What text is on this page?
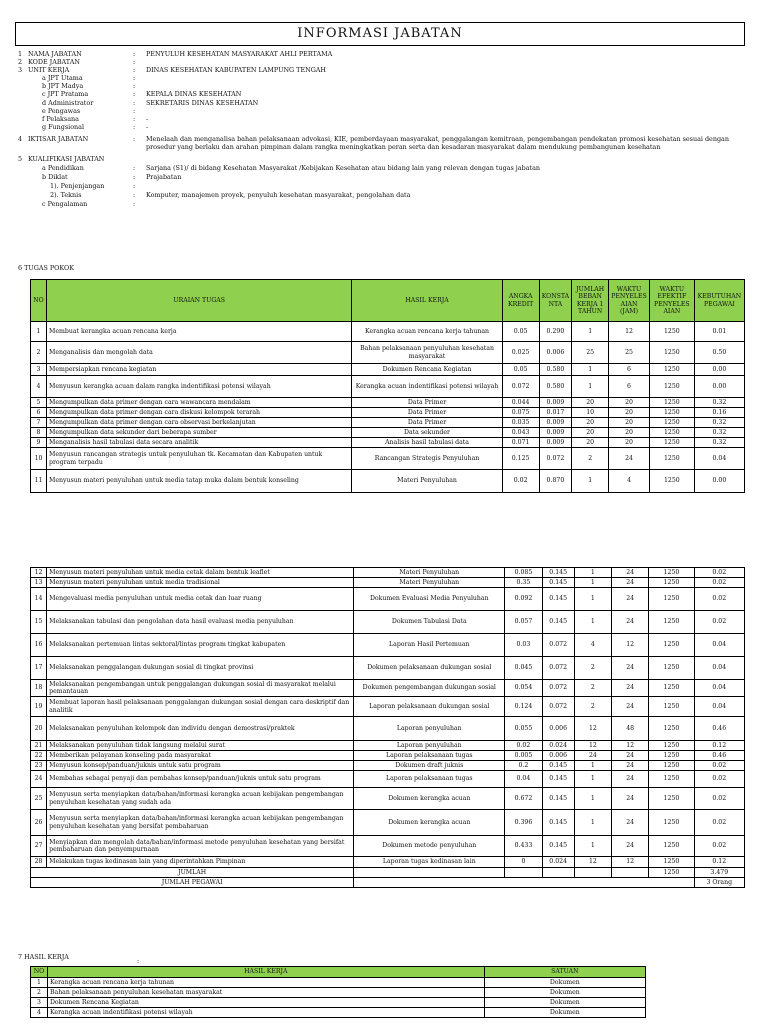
INFORMASI JABATAN
1 NAMA JABATAN	:	PENYULUH KESEHATAN MASYARAKAT AHLI PERTAMA
2 KODE JABATAN	:
3 UNIT KERJA	:	DINAS KESEHATAN KABUPATEN LAMPUNG TENGAH
a JPT Utama	:
b JPT Madya	:
c JPT Pratama	:	KEPALA DINAS KESEHATAN
d Administrator	:	SEKRETARIS DINAS KESEHATAN
e Pengawas	:
f Pelaksana	:	-
g Fungsional	:	-
4 IKTISAR JABATAN	:	Menelaah dan menganalisa bahan pelaksanaan advokasi, KIE, pemberdayaan masyarakat, penggalangan kemitraan, pengembangan pendekatan promosi kesehatan sesuai dengan prosedur yang berlaku dan arahan pimpinan dalam rangka meningkatkan peran serta dan kesadaran masyarakat dalam mendukung pembangunan kesehatan
5 KUALIFIKASI JABATAN
a Pendidikan	:	Sarjana (S1)/ di bidang Kesehatan Masyarakat /Kebijakan Kesehatan atau bidang lain yang relevan dengan tugas jabatan
b Diklat	:	Prajabatan
1). Penjenjangan	:
2). Teknis	:	Komputer, manajemen proyek, penyuluh kesehatan masyarakat, pengolahan data
c Pengalaman	:
6 TUGAS POKOK
NO	URAIAN TUGAS	HASIL KERJA	ANGKA KREDIT	KONSTA NTA	JUMLAH BEBAN KERJA 1 TAHUN	WAKTU PENYELES AIAN (JAM)	WAKTU EFEKTIF PENYELES AIAN	KEBUTUHAN PEGAWAI
1	Membuat kerangka acuan rencana kerja	Kerangka acuan rencana kerja tahunan	0.05	0.290	1	12	1250	0.01
2	Menganalisis dan mengolah data	Bahan pelaksanaan penyuluhan kesehatan masyarakat	0.025	0.006	25	25	1250	0.50
3	Mempersiapkan rencana kegiatan	Dokumen Rencana Kegiatan	0.05	0.580	1	6	1250	0.00
4	Menyusun kerangka acuan dalam rangka indentifikasi potensi wilayah	Kerangka acuan indentifikasi potensi wilayah	0.072	0.580	1	6	1250	0.00
5	Mengumpulkan data primer dengan cara wawancara mendalam	Data Primer	0.044	0.009	20	20	1250	0.32
6	Mengumpulkan data primer dengan cara diskusi kelompok terarah	Data Primer	0.075	0.017	10	20	1250	0.16
7	Mengumpulkan data primer dengan cara observasi berkelanjutan	Data Primer	0.035	0.009	20	20	1250	0.32
8	Mengumpulkan data sekunder dari beberapa sumber	Data sekunder	0.043	0.009	20	20	1250	0.32
9	Menganalisis hasil tabulasi data secara analitik	Analisis hasil tabulasi data	0.071	0.009	20	20	1250	0.32
10	Menyusun rancangan strategis untuk penyuluhan tk. Kecamatan dan Kabupaten untuk program terpadu	Rancangan Strategis Penyuluhan	0.125	0.072	2	24	1250	0.04
11	Menyusun materi penyuluhan untuk media tatap muka dalam bentuk konseling	Materi Penyuluhan	0.02	0.870	1	4	1250	0.00
12	Menyusun materi penyuluhan untuk media cetak dalam bentuk leaflet	Materi Penyuluhan	0.085	0.145	1	24	1250	0.02
13	Menyusun materi penyuluhan untuk media tradisional	Materi Penyuluhan	0.35	0.145	1	24	1250	0.02
14	Mengevaluasi media penyuluhan untuk media cetak dan luar ruang	Dokumen Evaluasi Media Penyuluhan	0.092	0.145	1	24	1250	0.02
15	Melaksanakan tabulasi dan pengolahan data hasil evaluasi media penyuluhan	Dokumen Tabulasi Data	0.057	0.145	1	24	1250	0.02
16	Melaksanakan pertemuan lintas sektoral/lintas program tingkat kabupaten	Laporan Hasil Pertemuan	0.03	0.072	4	12	1250	0.04
17	Melaksanakan penggalangan dukungan sosial di tingkat provinsi	Dokumen pelaksanaan dukungan sosial	0.045	0.072	2	24	1250	0.04
18	Melaksanakan pengembangan untuk penggalangan dukungan sosial di masyarakat melalui pemantauan	Dokumen pengembangan dukungan sosial	0.054	0.072	2	24	1250	0.04
19	Membuat laporan hasil pelaksanaan penggalangan dukungan sosial dengan cara deskriptif dan analitik	Laporan pelaksanaan dukungan sosial	0.124	0.072	2	24	1250	0.04
20	Melaksanakan penyuluhan kelompok dan individu dengan demostrasi/praktek	Laporan penyuluhan	0.055	0.006	12	48	1250	0.46
21	Melaksanakan penyuluhan tidak langsung melalui surat	Laporan penyuluhan	0.02	0.024	12	12	1250	0.12
22	Memberikan pelayanan konseling pada masyarakat	Laporan pelaksanaan tugas	0.005	0.006	24	24	1250	0.46
23	Menyusun konsep/panduan/juknis untuk satu program	Dokumen draft juknis	0.2	0.145	1	24	1250	0.02
24	Membahas sebagai penyaji dan pembahas konsep/panduan/juknis untuk satu program	Laporan pelaksanaan tugas	0.04	0.145	1	24	1250	0.02
25	Menyusun serta menyiapkan data/bahan/informasi kerangka acuan kebijakan pengembangan penyuluhan kesehatan yang sudah ada	Dokumen kerangka acuan	0.672	0.145	1	24	1250	0.02
26	Menyusun serta menyiapkan data/bahan/informasi kerangka acuan kebijakan pengembangan penyuluhan kesehatan yang bersifat pembaharuan	Dokumen kerangka acuan	0.396	0.145	1	24	1250	0.02
27	Menyiapkan dan mengolah data/bahan/informasi metode penyuluhan kesehatan yang bersifat pembaharuan dan penyempurnaan	Dokumen metode penyuluhan	0.433	0.145	1	24	1250	0.02
28	Melakukan tugas kedinasan lain yang diperintahkan Pimpinan	Laporan tugas kedinasan lain	0	0.024	12	12	1250	0.12
JUMLAH							1250	3.479
JUMLAH PEGAWAI								3 Orang
7 HASIL KERJA	:
NO	HASIL KERJA	SATUAN
1	Kerangka acuan rencana kerja tahunan	Dokumen
2	Bahan pelaksanaan penyuluhan kesehatan masyarakat	Dokumen
3	Dokumen Rencana Kegiatan	Dokumen
4	Kerangka acuan indentifikasi potensi wilayah	Dokumen
